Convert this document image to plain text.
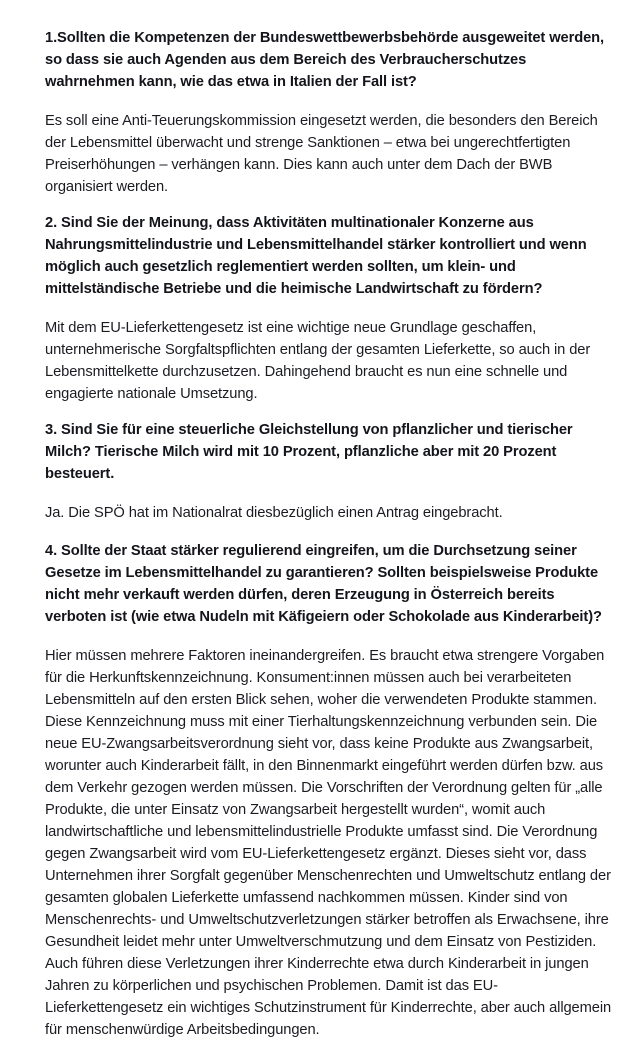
1.Sollten die Kompetenzen der Bundeswettbewerbsbehörde ausgeweitet werden, so dass sie auch Agenden aus dem Bereich des Verbraucherschutzes wahrnehmen kann, wie das etwa in Italien der Fall ist?

Es soll eine Anti-Teuerungskommission eingesetzt werden, die besonders den Bereich der Lebensmittel überwacht und strenge Sanktionen – etwa bei ungerechtfertigten Preiserhöhungen – verhängen kann. Dies kann auch unter dem Dach der BWB organisiert werden.

2. Sind Sie der Meinung, dass Aktivitäten multinationaler Konzerne aus Nahrungsmittelindustrie und Lebensmittelhandel stärker kontrolliert und wenn möglich auch gesetzlich reglementiert werden sollten, um klein- und mittelständische Betriebe und die heimische Landwirtschaft zu fördern?

Mit dem EU-Lieferkettengesetz ist eine wichtige neue Grundlage geschaffen, unternehmerische Sorgfaltspflichten entlang der gesamten Lieferkette, so auch in der Lebensmittelkette durchzusetzen. Dahingehend braucht es nun eine schnelle und engagierte nationale Umsetzung.

3. Sind Sie für eine steuerliche Gleichstellung von pflanzlicher und tierischer Milch? Tierische Milch wird mit 10 Prozent, pflanzliche aber mit 20 Prozent besteuert.

Ja. Die SPÖ hat im Nationalrat diesbezüglich einen Antrag eingebracht.

4. Sollte der Staat stärker regulierend eingreifen, um die Durchsetzung seiner Gesetze im Lebensmittelhandel zu garantieren? Sollten beispielsweise Produkte nicht mehr verkauft werden dürfen, deren Erzeugung in Österreich bereits verboten ist (wie etwa Nudeln mit Käfigeiern oder Schokolade aus Kinderarbeit)?

Hier müssen mehrere Faktoren ineinandergreifen. Es braucht etwa strengere Vorgaben für die Herkunftskennzeichnung. Konsument:innen müssen auch bei verarbeiteten Lebensmitteln auf den ersten Blick sehen, woher die verwendeten Produkte stammen. Diese Kennzeichnung muss mit einer Tierhaltungskennzeichnung verbunden sein. Die neue EU-Zwangsarbeitsverordnung sieht vor, dass keine Produkte aus Zwangsarbeit, worunter auch Kinderarbeit fällt, in den Binnenmarkt eingeführt werden dürfen bzw. aus dem Verkehr gezogen werden müssen. Die Vorschriften der Verordnung gelten für „alle Produkte, die unter Einsatz von Zwangsarbeit hergestellt wurden“, womit auch landwirtschaftliche und lebensmittelindustrielle Produkte umfasst sind. Die Verordnung gegen Zwangsarbeit wird vom EU-Lieferkettengesetz ergänzt. Dieses sieht vor, dass Unternehmen ihrer Sorgfalt gegenüber Menschenrechten und Umweltschutz entlang der gesamten globalen Lieferkette umfassend nachkommen müssen. Kinder sind von Menschenrechts- und Umweltschutzverletzungen stärker betroffen als Erwachsene, ihre Gesundheit leidet mehr unter Umweltverschmutzung und dem Einsatz von Pestiziden. Auch führen diese Verletzungen ihrer Kinderrechte etwa durch Kinderarbeit in jungen Jahren zu körperlichen und psychischen Problemen. Damit ist das EU-Lieferkettengesetz ein wichtiges Schutzinstrument für Kinderrechte, aber auch allgemein für menschenwürdige Arbeitsbedingungen.
